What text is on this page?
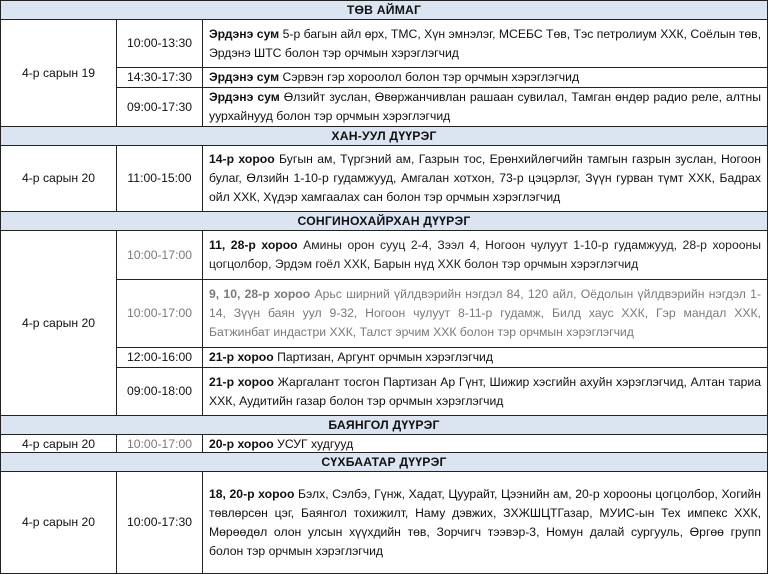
ТӨВ АЙМАГ		
4-р сарын 19	10:00-13:30	Эрдэнэ сум 5-р багын айл өрх, ТМС, Хүн эмнэлэг, МСЕБС Төв, Тэс петролиум ХХК, Соёлын төв, Эрдэнэ ШТС болон тэр орчмын хэрэглэгчид
	14:30-17:30	Эрдэнэ сум Сэрвэн гэр хороолол болон тэр орчмын хэрэглэгчид
	09:00-17:30	Эрдэнэ сум Өлзийт зуслан, Өвөржанчивлан рашаан сувилал, Тамган өндөр радио реле, алтны уурхайнууд болон тэр орчмын хэрэглэгчид
ХАН-УУЛ ДҮҮРЭГ		
4-р сарын 20	11:00-15:00	14-р хороо Бугын ам, Түргэний ам, Газрын тос, Ерөнхийлөгчийн тамгын газрын зуслан, Ногоон булаг, Өлзийн 1-10-р гудамжууд, Амгалан хотхон, 73-р цэцэрлэг, Зүүн гурван түмт ХХК, Бадрах ойл ХХК, Хүдэр хамгаалах сан болон тэр орчмын хэрэглэгчид
СОНГИНОХАЙРХАН ДҮҮРЭГ		
4-р сарын 20	10:00-17:00	11, 28-р хороо Амины орон сууц 2-4, Зээл 4, Ногоон чулуут 1-10-р гудамжууд, 28-р хорооны цогцолбор, Эрдэм гоёл ХХК, Барын нүд ХХК болон тэр орчмын хэрэглэгчид
	10:00-17:00	9, 10, 28-р хороо Арьс ширний үйлдвэрийн нэгдэл 84, 120 айл, Оёдолын үйлдвэрийн нэгдэл 1-14, Зүүн баян уул 9-32, Ногоон чулуут 8-11-р гудамж, Билд хаус ХХК, Гэр мандал ХХК, Батжинбат индастри ХХК, Талст эрчим ХХК болон тэр орчмын хэрэглэгчид
	12:00-16:00	21-р хороо Партизан, Аргунт орчмын хэрэглэгчид
	09:00-18:00	21-р хороо Жаргалант тосгон Партизан Ар Гүнт, Шижир хэсгийн ахуйн хэрэглэгчид, Алтан тариа ХХК, Аудитийн газар болон тэр орчмын хэрэглэгчид
БАЯНГОЛ ДҮҮРЭГ		
4-р сарын 20	10:00-17:00	20-р хороо УСУГ худгууд
СҮХБААТАР ДҮҮРЭГ		
4-р сарын 20	10:00-17:30	18, 20-р хороо Бэлх, Сэлбэ, Гүнж, Хадат, Цуурайт, Цээнийн ам, 20-р хорооны цогцолбор, Хогийн төвлөрсөн цэг, Баянгол тохижилт, Наму дэвжих, ЗХЖШЦТГазар, МУИС-ын Тех импекс ХХК, Мөрөөдөл олон улсын хүүхдийн төв, Зорчигч тээвэр-3, Номун далай сургууль, Өргөө групп болон тэр орчмын хэрэглэгчид
